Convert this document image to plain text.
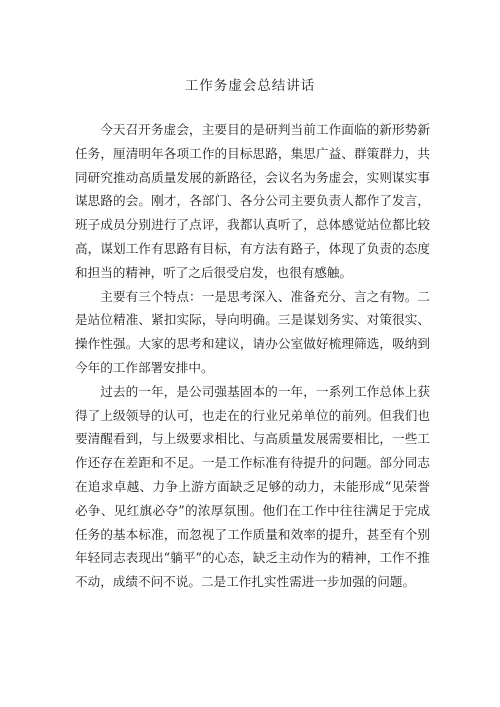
工作务虚会总结讲话

今天召开务虚会，主要目的是研判当前工作面临的新形势新任务，厘清明年各项工作的目标思路，集思广益、群策群力，共同研究推动高质量发展的新路径，会议名为务虚会，实则谋实事谋思路的会。刚才，各部门、各分公司主要负责人都作了发言，班子成员分别进行了点评，我都认真听了，总体感觉站位都比较高，谋划工作有思路有目标，有方法有路子，体现了负责的态度和担当的精神，听了之后很受启发，也很有感触。

主要有三个特点：一是思考深入、准备充分、言之有物。二是站位精准、紧扣实际，导向明确。三是谋划务实、对策很实、操作性强。大家的思考和建议，请办公室做好梳理筛选，吸纳到今年的工作部署安排中。

过去的一年，是公司强基固本的一年，一系列工作总体上获得了上级领导的认可，也走在的行业兄弟单位的前列。但我们也要清醒看到，与上级要求相比、与高质量发展需要相比，一些工作还存在差距和不足。一是工作标准有待提升的问题。部分同志在追求卓越、力争上游方面缺乏足够的动力，未能形成“见荣誉必争、见红旗必夺”的浓厚氛围。他们在工作中往往满足于完成任务的基本标准，而忽视了工作质量和效率的提升，甚至有个别年轻同志表现出“躺平”的心态，缺乏主动作为的精神，工作不推不动，成绩不问不说。二是工作扎实性需进一步加强的问题。
